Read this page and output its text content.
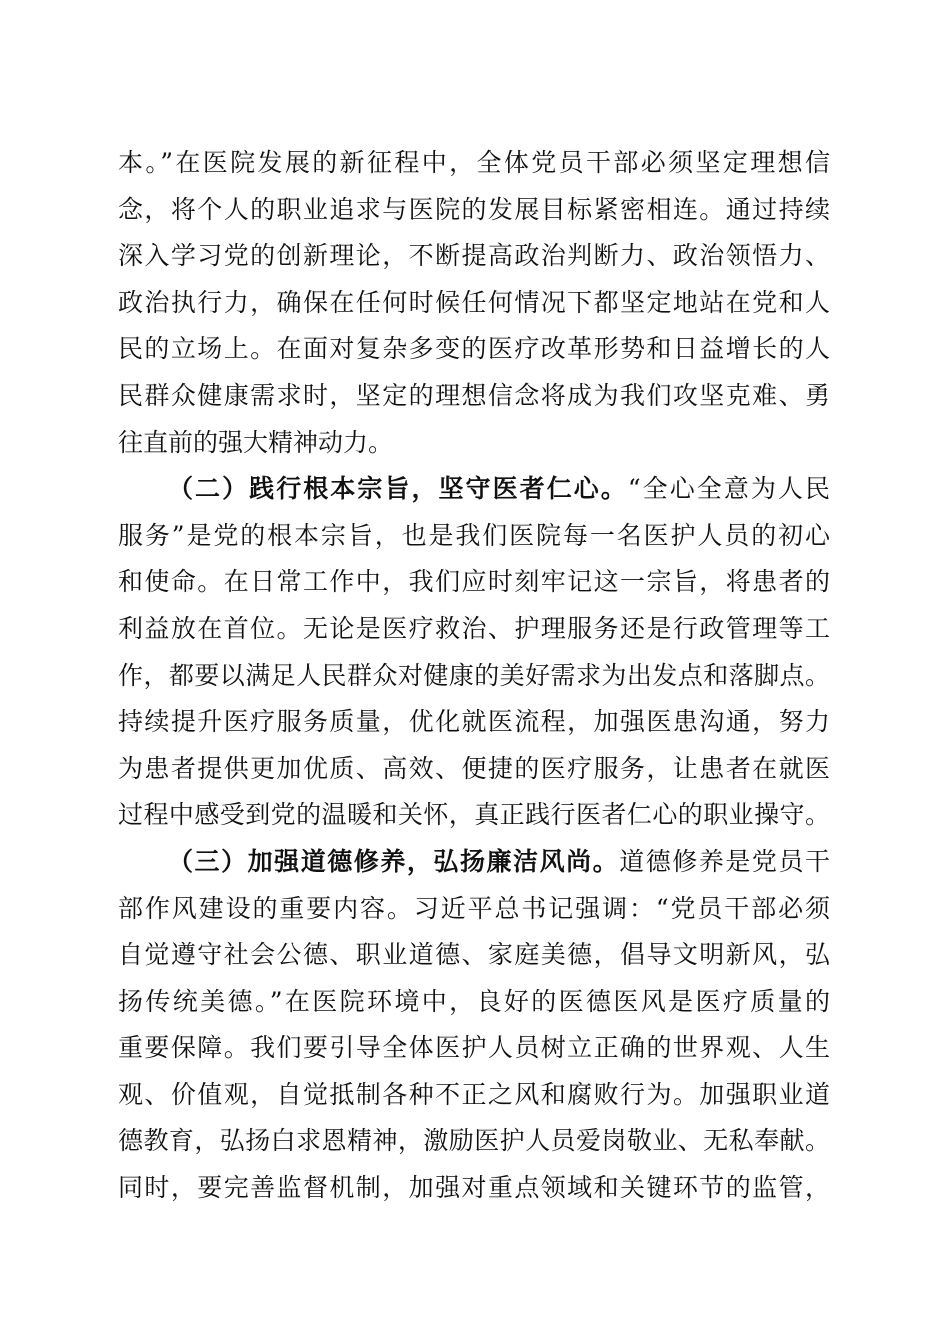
本。”在医院发展的新征程中，全体党员干部必须坚定理想信
念，将个人的职业追求与医院的发展目标紧密相连。通过持续
深入学习党的创新理论，不断提高政治判断力、政治领悟力、
政治执行力，确保在任何时候任何情况下都坚定地站在党和人
民的立场上。在面对复杂多变的医疗改革形势和日益增长的人
民群众健康需求时，坚定的理想信念将成为我们攻坚克难、勇
往直前的强大精神动力。
（二）践行根本宗旨，坚守医者仁心。“全心全意为人民
服务”是党的根本宗旨，也是我们医院每一名医护人员的初心
和使命。在日常工作中，我们应时刻牢记这一宗旨，将患者的
利益放在首位。无论是医疗救治、护理服务还是行政管理等工
作，都要以满足人民群众对健康的美好需求为出发点和落脚点。
持续提升医疗服务质量，优化就医流程，加强医患沟通，努力
为患者提供更加优质、高效、便捷的医疗服务，让患者在就医
过程中感受到党的温暖和关怀，真正践行医者仁心的职业操守。
（三）加强道德修养，弘扬廉洁风尚。道德修养是党员干
部作风建设的重要内容。习近平总书记强调：“党员干部必须
自觉遵守社会公德、职业道德、家庭美德，倡导文明新风，弘
扬传统美德。”在医院环境中，良好的医德医风是医疗质量的
重要保障。我们要引导全体医护人员树立正确的世界观、人生
观、价值观，自觉抵制各种不正之风和腐败行为。加强职业道
德教育，弘扬白求恩精神，激励医护人员爱岗敬业、无私奉献。
同时，要完善监督机制，加强对重点领域和关键环节的监管，
